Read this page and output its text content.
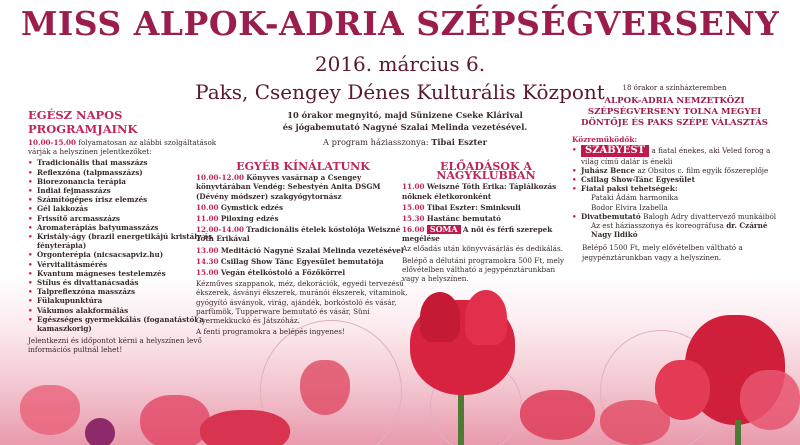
MISS ALPOK-ADRIA SZÉPSÉGVERSENY
2016. március 6.
Paks, Csengey Dénes Kulturális Központ
EGÉSZ NAPOS PROGRAMJAINK
10.00-15.00 folyamatosan az alábbi szolgáltatások várják a helyszínen jelentkezőket:
• Tradicionális thai masszázs
• Reflexzóna (talpmasszázs)
• Biorezonancia terápia
• Indiai fejmasszázs
• Számítógépes írisz elemzés
• Gél lakkozás
• Frissítő arcmasszázs
• Aromaterápiás batyumasszázs
• Kristály-ágy (brazil energetikájú kristály és fényterápia)
• Orgonterépia (nicsacsapviz.hu)
• Vérvitalitásmérés
• Kvantum mágneses testelemzés
• Stílus és divattanácsadás
• Talpreflexzóna masszázs
• Fülakupunktúra
• Vákumos alakformálás
• Egészséges gyermekkálás (foganatástól a kamaszkorig)
Jelentkezni és időpontot kérni a helyszínen levő információs pultnál lehet!
10 órakor megnyitó, majd Sünizene Cseke Klárival
és jógabemutató Nagyné Szalai Melinda vezetésével.
A program háziasszonya: Tibai Eszter
EGYÉB KÍNÁLATUNK
10.00-12.00 Könyves vasárnap a Csengey könyvtárában Vendég: Sebestyén Anita DSGM (Dévény módszer) szakgyógytornász
10.00 Gymstick edzés
11.00 Piloxing edzés
12.00-14.00 Tradicionális ételek kóstolója Weiszné Tóth Erikával
13.00 Meditáció Nagyné Szalai Melinda vezetésével
14.30 Csillag Show Tánc Egyesület bemutatója
15.00 Vegán ételkóstoló a Főzőkörrel
Kézműves szappanok, méz, dekorációk, egyedi tervezésű ékszerek, ásványi ékszerek, muránói ékszerek, vitaminok, gyógyító ásványok, virág, ajándék, borkóstoló és vásár, parfümök, Tupperware bemutató és vásár, Süni Gyermekkuckó és Játszóház.
A fenti programokra a belépés ingyenes!
ELŐADÁSOK A NAGYKLUBBAN
11.00 Weiszné Tóth Erika: Táplálkozás nőknek életkoronként
15.00 Tibai Eszter: Sminksuli
15.30 Hastánc bemutató
16.00 SOMA A női és férfi szerepek megélése
Az előadás után könyvvásárlás és dedikálás.
Belépő a délutáni programokra 500 Ft, mely elővételben váltható a jegypénztárunkban vagy a helyszínen.
18 órakor a színházteremben
ALPOK-ADRIA NEMZETKÖZI SZÉPSÉGVERSENY TOLNA MEGYEI DÖNTŐJE ÉS PAKS SZÉPE VÁLASZTÁS
Közreműködők:
• SZABYEST a fiatal énekes, aki Veled forog a világ című dalár is énekli
• Juhász Bence az Obsitos c. film egyik főszereplője
• Csillag Show-Tánc Egyesület
• Fiatal paksi tehetségek:
Pataki Ádám harmonika
Bodor Elvira Izabella
• Divatbemutató Balogh Adry divattervező munkáiból
Az est háziasszonya és koreográfusa dr. Czárné Nagy Ildikó
Belépő 1500 Ft, mely elővételben váltható a jegypénztárunkban vagy a helyszínen.
